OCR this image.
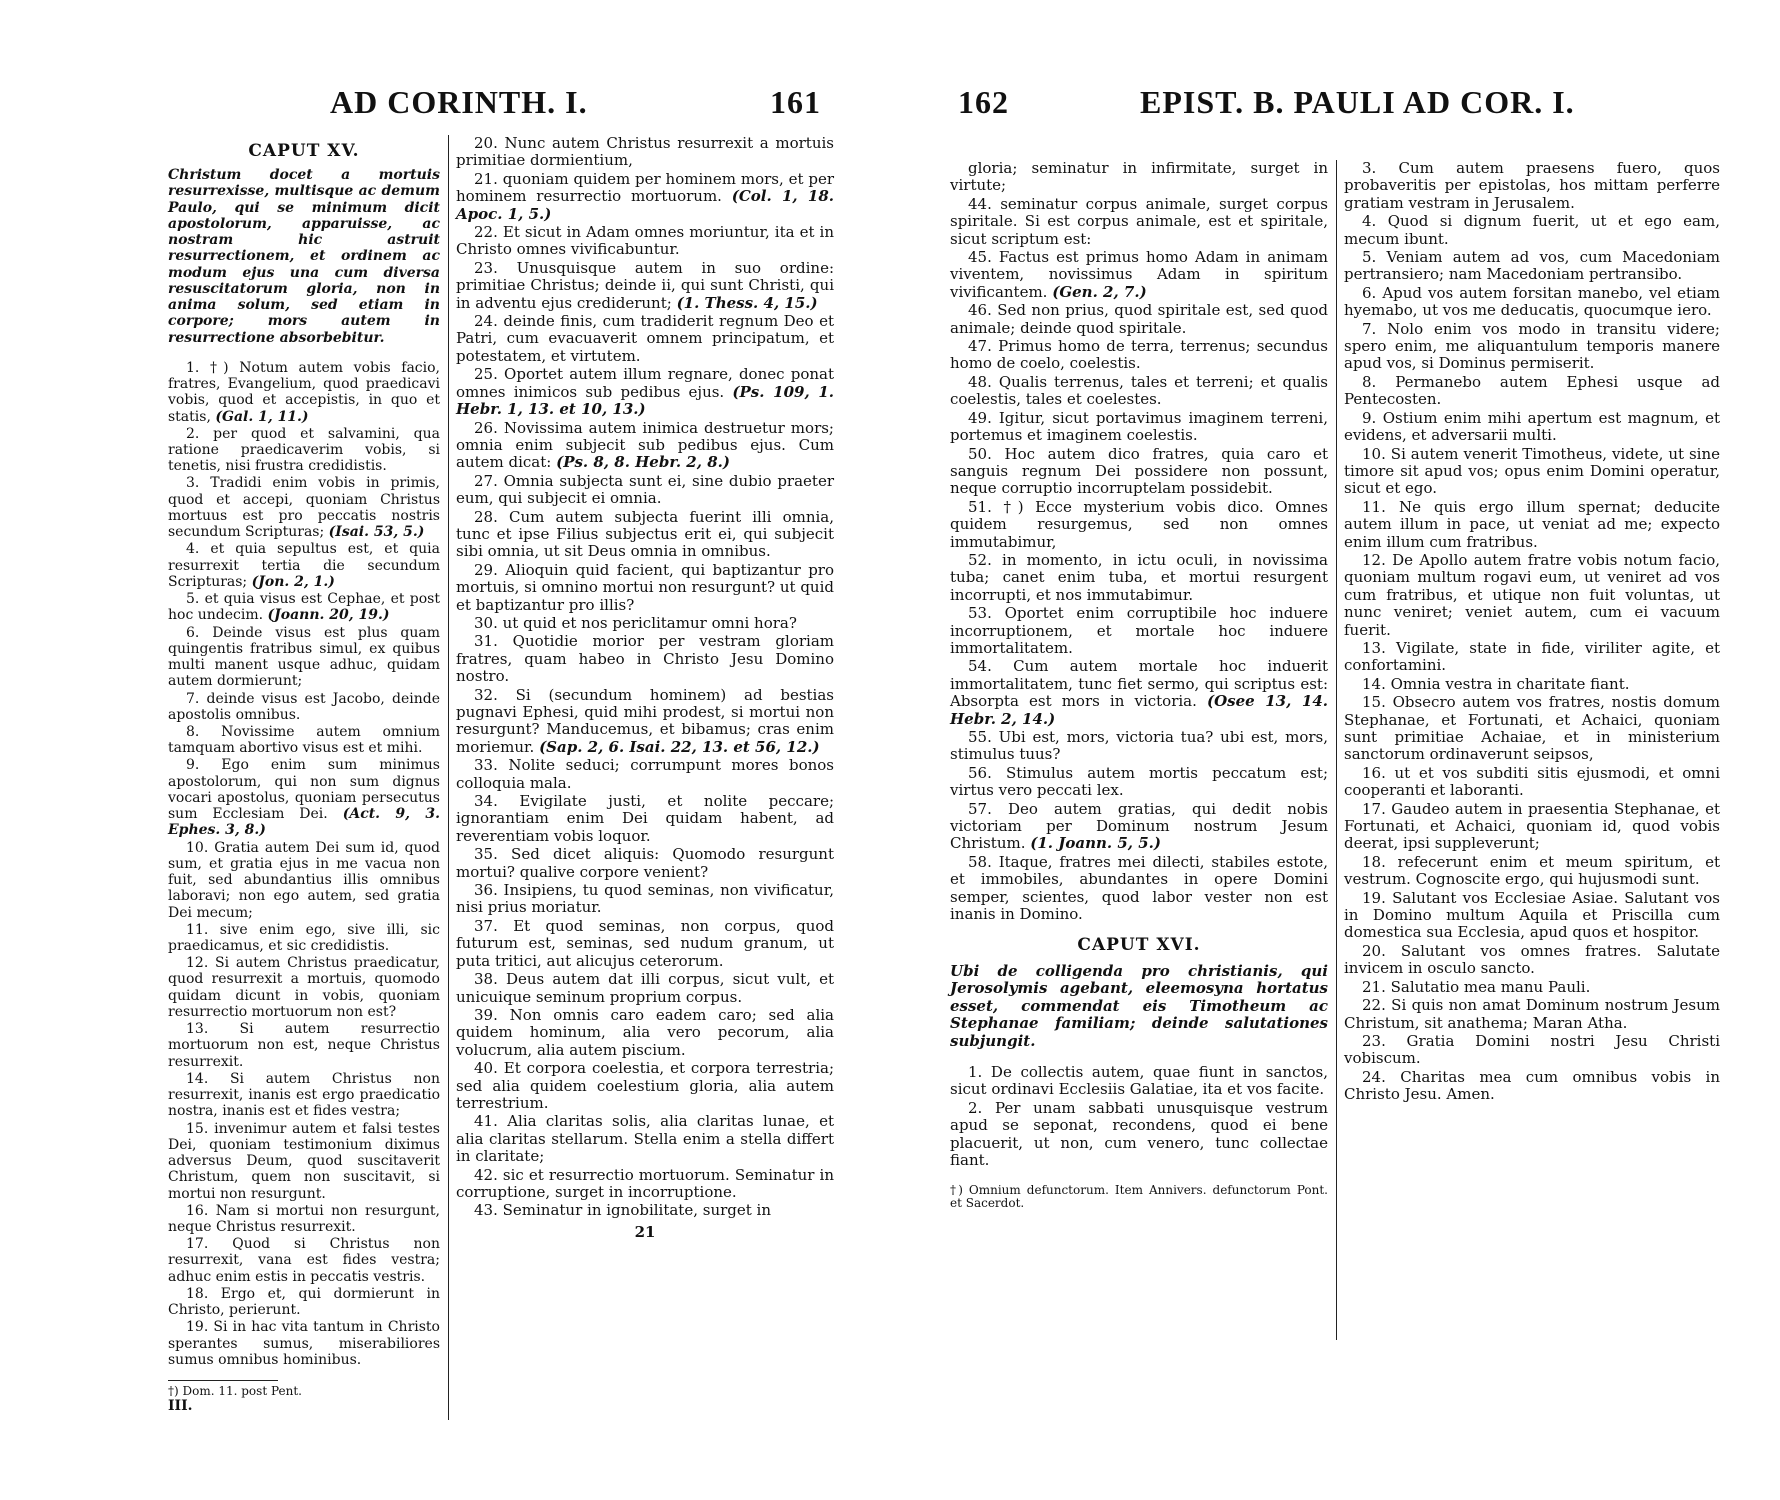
AD CORINTH. I.	161

CAPUT XV.

Christum docet a mortuis resurrexisse, multisque ac demum Paulo, qui se minimum dicit apostolorum, apparuisse, ac nostram hic astruit resurrectionem, et ordinem ac modum ejus una cum diversa resuscitatorum gloria, non in anima solum, sed etiam in corpore; mors autem in resurrectione absorbebitur.

1. †) Notum autem vobis facio, fratres, Evangelium, quod praedicavi vobis, quod et accepistis, in quo et statis, (Gal. 1, 11.)

2. per quod et salvamini, qua ratione praedicaverim vobis, si tenetis, nisi frustra credidistis.

3. Tradidi enim vobis in primis, quod et accepi, quoniam Christus mortuus est pro peccatis nostris secundum Scripturas; (Isai. 53, 5.)

4. et quia sepultus est, et quia resurrexit tertia die secundum Scripturas; (Jon. 2, 1.)

5. et quia visus est Cephae, et post hoc undecim. (Joann. 20, 19.)

6. Deinde visus est plus quam quingentis fratribus simul, ex quibus multi manent usque adhuc, quidam autem dormierunt;

7. deinde visus est Jacobo, deinde apostolis omnibus.

8. Novissime autem omnium tamquam abortivo visus est et mihi.

9. Ego enim sum minimus apostolorum, qui non sum dignus vocari apostolus, quoniam persecutus sum Ecclesiam Dei. (Act. 9, 3. Ephes. 3, 8.)

10. Gratia autem Dei sum id, quod sum, et gratia ejus in me vacua non fuit, sed abundantius illis omnibus laboravi; non ego autem, sed gratia Dei mecum;

11. sive enim ego, sive illi, sic praedicamus, et sic credidistis.

12. Si autem Christus praedicatur, quod resurrexit a mortuis, quomodo quidam dicunt in vobis, quoniam resurrectio mortuorum non est?

13. Si autem resurrectio mortuorum non est, neque Christus resurrexit.

14. Si autem Christus non resurrexit, inanis est ergo praedicatio nostra, inanis est et fides vestra;

15. invenimur autem et falsi testes Dei, quoniam testimonium diximus adversus Deum, quod suscitaverit Christum, quem non suscitavit, si mortui non resurgunt.

16. Nam si mortui non resurgunt, neque Christus resurrexit.

17. Quod si Christus non resurrexit, vana est fides vestra; adhuc enim estis in peccatis vestris.

18. Ergo et, qui dormierunt in Christo, perierunt.

19. Si in hac vita tantum in Christo sperantes sumus, miserabiliores sumus omnibus hominibus.

†) Dom. 11. post Pent.

III.

20. Nunc autem Christus resurrexit a mortuis primitiae dormientium,

21. quoniam quidem per hominem mors, et per hominem resurrectio mortuorum. (Col. 1, 18. Apoc. 1, 5.)

22. Et sicut in Adam omnes moriuntur, ita et in Christo omnes vivificabuntur.

23. Unusquisque autem in suo ordine: primitiae Christus; deinde ii, qui sunt Christi, qui in adventu ejus crediderunt; (1. Thess. 4, 15.)

24. deinde finis, cum tradiderit regnum Deo et Patri, cum evacuaverit omnem principatum, et potestatem, et virtutem.

25. Oportet autem illum regnare, donec ponat omnes inimicos sub pedibus ejus. (Ps. 109, 1. Hebr. 1, 13. et 10, 13.)

26. Novissima autem inimica destruetur mors; omnia enim subjecit sub pedibus ejus. Cum autem dicat: (Ps. 8, 8. Hebr. 2, 8.)

27. Omnia subjecta sunt ei, sine dubio praeter eum, qui subjecit ei omnia.

28. Cum autem subjecta fuerint illi omnia, tunc et ipse Filius subjectus erit ei, qui subjecit sibi omnia, ut sit Deus omnia in omnibus.

29. Alioquin quid facient, qui baptizantur pro mortuis, si omnino mortui non resurgunt? ut quid et baptizantur pro illis?

30. ut quid et nos periclitamur omni hora?

31. Quotidie morior per vestram gloriam fratres, quam habeo in Christo Jesu Domino nostro.

32. Si (secundum hominem) ad bestias pugnavi Ephesi, quid mihi prodest, si mortui non resurgunt? Manducemus, et bibamus; cras enim moriemur. (Sap. 2, 6. Isai. 22, 13. et 56, 12.)

33. Nolite seduci; corrumpunt mores bonos colloquia mala.

34. Evigilate justi, et nolite peccare; ignorantiam enim Dei quidam habent, ad reverentiam vobis loquor.

35. Sed dicet aliquis: Quomodo resurgunt mortui? qualive corpore venient?

36. Insipiens, tu quod seminas, non vivificatur, nisi prius moriatur.

37. Et quod seminas, non corpus, quod futurum est, seminas, sed nudum granum, ut puta tritici, aut alicujus ceterorum.

38. Deus autem dat illi corpus, sicut vult, et unicuique seminum proprium corpus.

39. Non omnis caro eadem caro; sed alia quidem hominum, alia vero pecorum, alia volucrum, alia autem piscium.

40. Et corpora coelestia, et corpora terrestria; sed alia quidem coelestium gloria, alia autem terrestrium.

41. Alia claritas solis, alia claritas lunae, et alia claritas stellarum. Stella enim a stella differt in claritate;

42. sic et resurrectio mortuorum. Seminatur in corruptione, surget in incorruptione.

43. Seminatur in ignobilitate, surget in

21

162	EPIST. B. PAULI AD COR. I.

gloria; seminatur in infirmitate, surget in virtute;

44. seminatur corpus animale, surget corpus spiritale. Si est corpus animale, est et spiritale, sicut scriptum est:

45. Factus est primus homo Adam in animam viventem, novissimus Adam in spiritum vivificantem. (Gen. 2, 7.)

46. Sed non prius, quod spiritale est, sed quod animale; deinde quod spiritale.

47. Primus homo de terra, terrenus; secundus homo de coelo, coelestis.

48. Qualis terrenus, tales et terreni; et qualis coelestis, tales et coelestes.

49. Igitur, sicut portavimus imaginem terreni, portemus et imaginem coelestis.

50. Hoc autem dico fratres, quia caro et sanguis regnum Dei possidere non possunt, neque corruptio incorruptelam possidebit.

51. †) Ecce mysterium vobis dico. Omnes quidem resurgemus, sed non omnes immutabimur,

52. in momento, in ictu oculi, in novissima tuba; canet enim tuba, et mortui resurgent incorrupti, et nos immutabimur.

53. Oportet enim corruptibile hoc induere incorruptionem, et mortale hoc induere immortalitatem.

54. Cum autem mortale hoc induerit immortalitatem, tunc fiet sermo, qui scriptus est: Absorpta est mors in victoria. (Osee 13, 14. Hebr. 2, 14.)

55. Ubi est, mors, victoria tua? ubi est, mors, stimulus tuus?

56. Stimulus autem mortis peccatum est; virtus vero peccati lex.

57. Deo autem gratias, qui dedit nobis victoriam per Dominum nostrum Jesum Christum. (1. Joann. 5, 5.)

58. Itaque, fratres mei dilecti, stabiles estote, et immobiles, abundantes in opere Domini semper, scientes, quod labor vester non est inanis in Domino.

CAPUT XVI.

Ubi de colligenda pro christianis, qui Jerosolymis agebant, eleemosyna hortatus esset, commendat eis Timotheum ac Stephanae familiam; deinde salutationes subjungit.

1. De collectis autem, quae fiunt in sanctos, sicut ordinavi Ecclesiis Galatiae, ita et vos facite.

2. Per unam sabbati unusquisque vestrum apud se seponat, recondens, quod ei bene placuerit, ut non, cum venero, tunc collectae fiant.

†) Omnium defunctorum. Item Annivers. defunctorum Pont. et Sacerdot.

3. Cum autem praesens fuero, quos probaveritis per epistolas, hos mittam perferre gratiam vestram in Jerusalem.

4. Quod si dignum fuerit, ut et ego eam, mecum ibunt.

5. Veniam autem ad vos, cum Macedoniam pertransiero; nam Macedoniam pertransibo.

6. Apud vos autem forsitan manebo, vel etiam hyemabo, ut vos me deducatis, quocumque iero.

7. Nolo enim vos modo in transitu videre; spero enim, me aliquantulum temporis manere apud vos, si Dominus permiserit.

8. Permanebo autem Ephesi usque ad Pentecosten.

9. Ostium enim mihi apertum est magnum, et evidens, et adversarii multi.

10. Si autem venerit Timotheus, videte, ut sine timore sit apud vos; opus enim Domini operatur, sicut et ego.

11. Ne quis ergo illum spernat; deducite autem illum in pace, ut veniat ad me; expecto enim illum cum fratribus.

12. De Apollo autem fratre vobis notum facio, quoniam multum rogavi eum, ut veniret ad vos cum fratribus, et utique non fuit voluntas, ut nunc veniret; veniet autem, cum ei vacuum fuerit.

13. Vigilate, state in fide, viriliter agite, et confortamini.

14. Omnia vestra in charitate fiant.

15. Obsecro autem vos fratres, nostis domum Stephanae, et Fortunati, et Achaici, quoniam sunt primitiae Achaiae, et in ministerium sanctorum ordinaverunt seipsos,

16. ut et vos subditi sitis ejusmodi, et omni cooperanti et laboranti.

17. Gaudeo autem in praesentia Stephanae, et Fortunati, et Achaici, quoniam id, quod vobis deerat, ipsi suppleverunt;

18. refecerunt enim et meum spiritum, et vestrum. Cognoscite ergo, qui hujusmodi sunt.

19. Salutant vos Ecclesiae Asiae. Salutant vos in Domino multum Aquila et Priscilla cum domestica sua Ecclesia, apud quos et hospitor.

20. Salutant vos omnes fratres. Salutate invicem in osculo sancto.

21. Salutatio mea manu Pauli.

22. Si quis non amat Dominum nostrum Jesum Christum, sit anathema; Maran Atha.

23. Gratia Domini nostri Jesu Christi vobiscum.

24. Charitas mea cum omnibus vobis in Christo Jesu. Amen.
